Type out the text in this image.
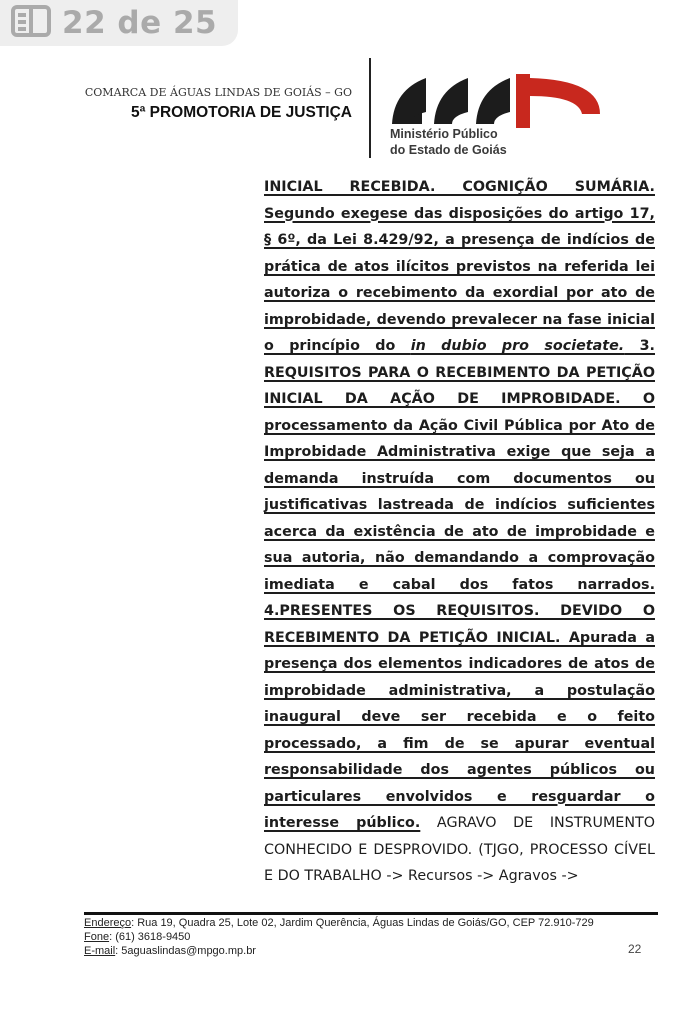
22 de 25
COMARCA DE ÁGUAS LINDAS DE GOIÁS – GO
5ª PROMOTORIA DE JUSTIÇA
Ministério Público
do Estado de Goiás

INICIAL RECEBIDA. COGNIÇÃO SUMÁRIA. Segundo exegese das disposições do artigo 17, § 6º, da Lei 8.429/92, a presença de indícios de prática de atos ilícitos previstos na referida lei autoriza o recebimento da exordial por ato de improbidade, devendo prevalecer na fase inicial o princípio do in dubio pro societate. 3. REQUISITOS PARA O RECEBIMENTO DA PETIÇÃO INICIAL DA AÇÃO DE IMPROBIDADE. O processamento da Ação Civil Pública por Ato de Improbidade Administrativa exige que seja a demanda instruída com documentos ou justificativas lastreada de indícios suficientes acerca da existência de ato de improbidade e sua autoria, não demandando a comprovação imediata e cabal dos fatos narrados. 4.PRESENTES OS REQUISITOS. DEVIDO O RECEBIMENTO DA PETIÇÃO INICIAL. Apurada a presença dos elementos indicadores de atos de improbidade administrativa, a postulação inaugural deve ser recebida e o feito processado, a fim de se apurar eventual responsabilidade dos agentes públicos ou particulares envolvidos e resguardar o interesse público. AGRAVO DE INSTRUMENTO CONHECIDO E DESPROVIDO. (TJGO, PROCESSO CÍVEL E DO TRABALHO -> Recursos -> Agravos ->

Endereço: Rua 19, Quadra 25, Lote 02, Jardim Querência, Águas Lindas de Goiás/GO, CEP 72.910-729
Fone: (61) 3618-9450
E-mail: 5aguaslindas@mpgo.mp.br	22
